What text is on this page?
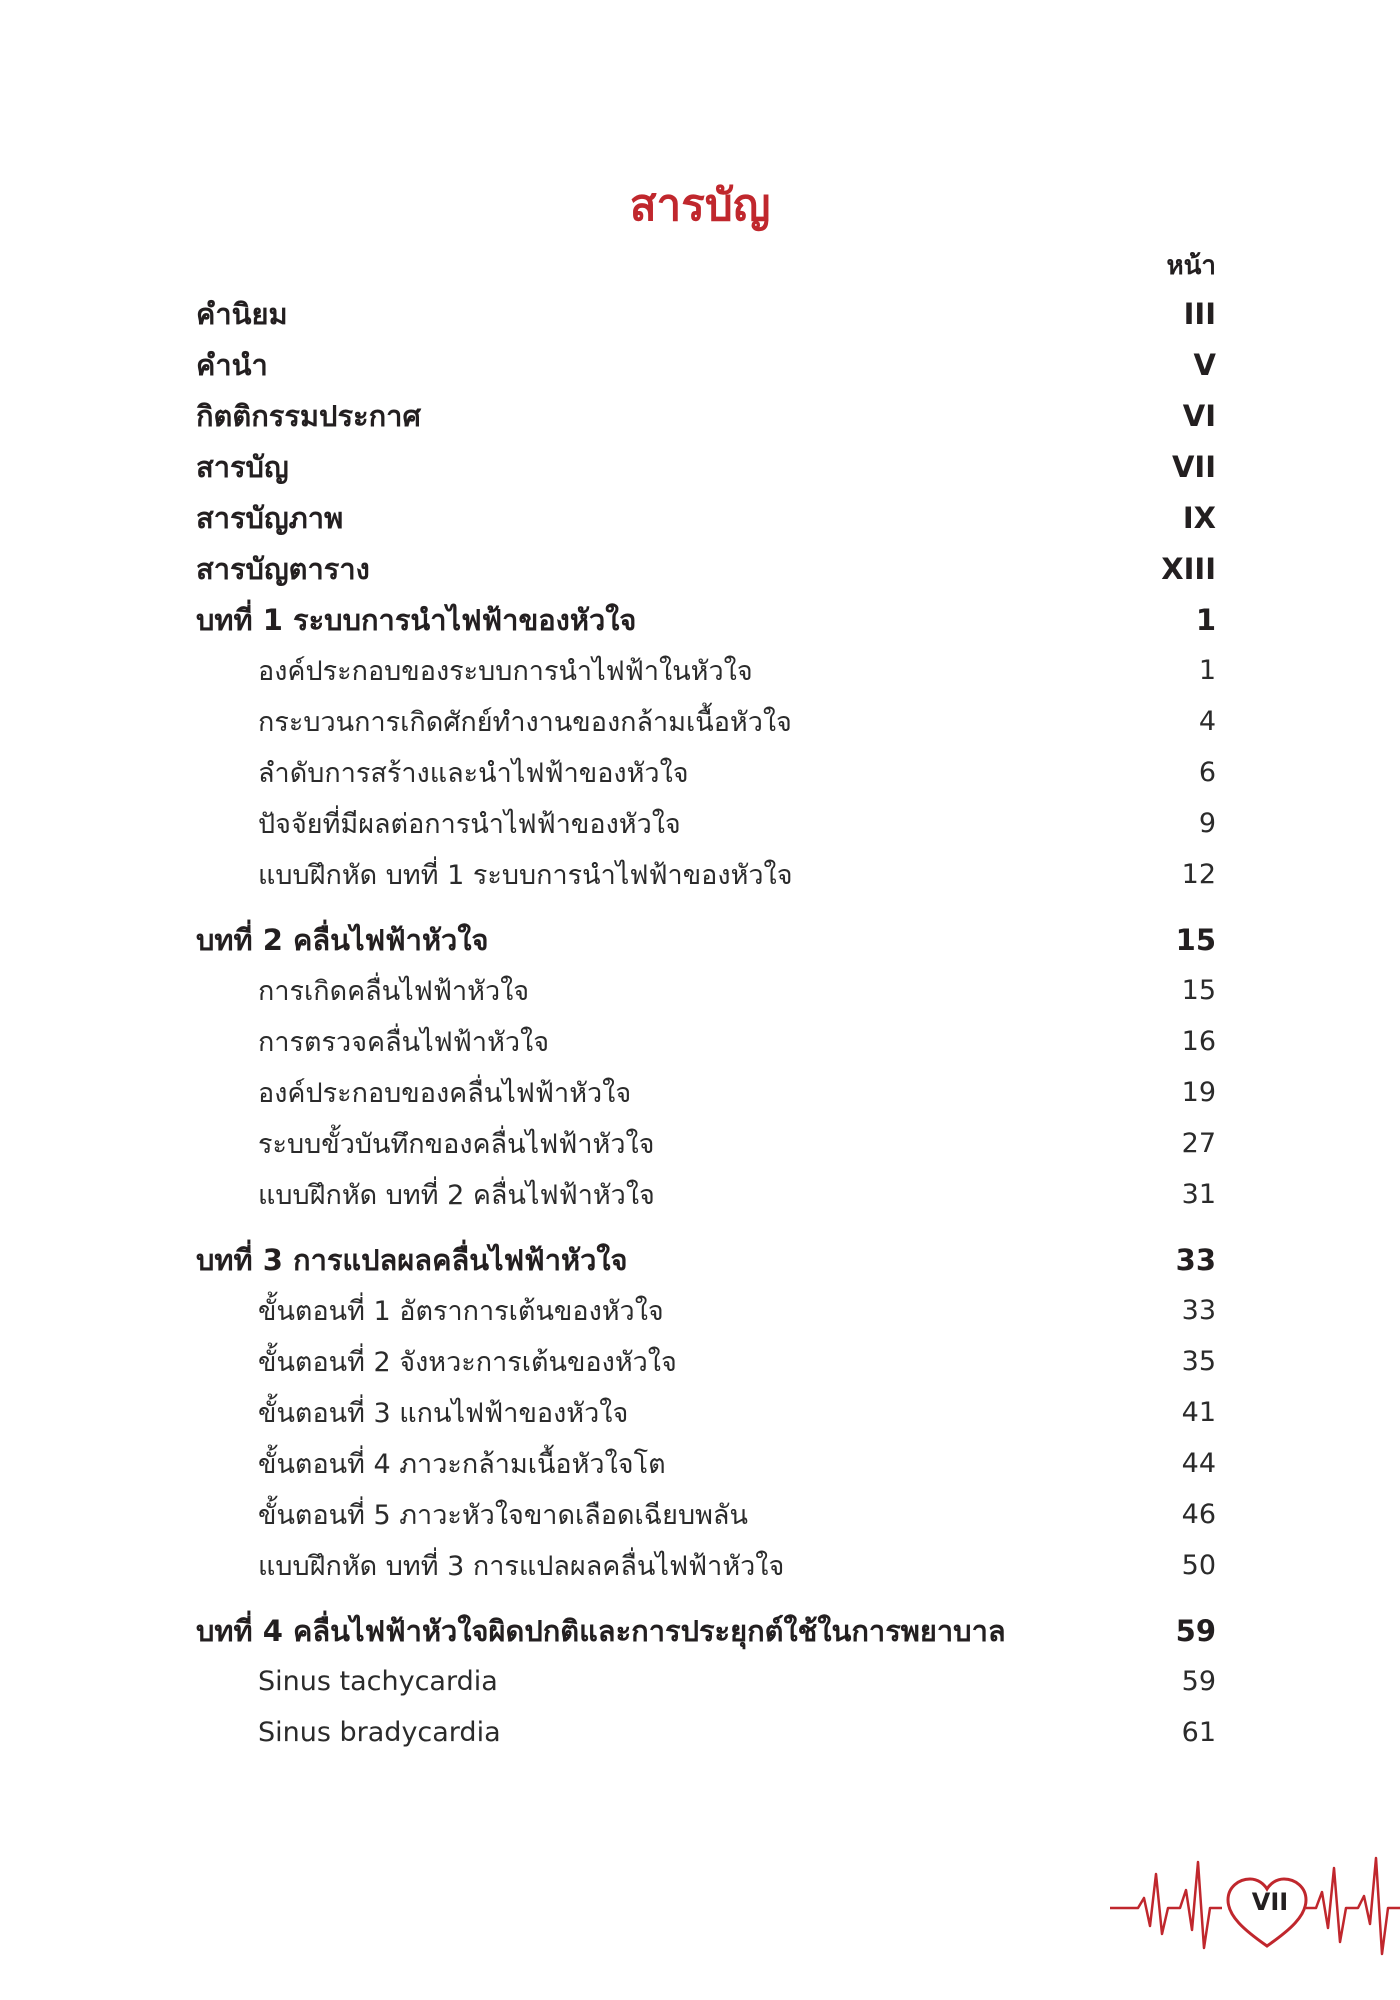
สารบัญ
หน้า
คำนิยม	III
คำนำ	V
กิตติกรรมประกาศ	VI
สารบัญ	VII
สารบัญภาพ	IX
สารบัญตาราง	XIII
บทที่ 1 ระบบการนำไฟฟ้าของหัวใจ	1
องค์ประกอบของระบบการนำไฟฟ้าในหัวใจ	1
กระบวนการเกิดศักย์ทำงานของกล้ามเนื้อหัวใจ	4
ลำดับการสร้างและนำไฟฟ้าของหัวใจ	6
ปัจจัยที่มีผลต่อการนำไฟฟ้าของหัวใจ	9
แบบฝึกหัด บทที่ 1 ระบบการนำไฟฟ้าของหัวใจ	12
บทที่ 2 คลื่นไฟฟ้าหัวใจ	15
การเกิดคลื่นไฟฟ้าหัวใจ	15
การตรวจคลื่นไฟฟ้าหัวใจ	16
องค์ประกอบของคลื่นไฟฟ้าหัวใจ	19
ระบบขั้วบันทึกของคลื่นไฟฟ้าหัวใจ	27
แบบฝึกหัด บทที่ 2 คลื่นไฟฟ้าหัวใจ	31
บทที่ 3 การแปลผลคลื่นไฟฟ้าหัวใจ	33
ขั้นตอนที่ 1 อัตราการเต้นของหัวใจ	33
ขั้นตอนที่ 2 จังหวะการเต้นของหัวใจ	35
ขั้นตอนที่ 3 แกนไฟฟ้าของหัวใจ	41
ขั้นตอนที่ 4 ภาวะกล้ามเนื้อหัวใจโต	44
ขั้นตอนที่ 5 ภาวะหัวใจขาดเลือดเฉียบพลัน	46
แบบฝึกหัด บทที่ 3 การแปลผลคลื่นไฟฟ้าหัวใจ	50
บทที่ 4 คลื่นไฟฟ้าหัวใจผิดปกติและการประยุกต์ใช้ในการพยาบาล	59
Sinus tachycardia	59
Sinus bradycardia	61
VII
